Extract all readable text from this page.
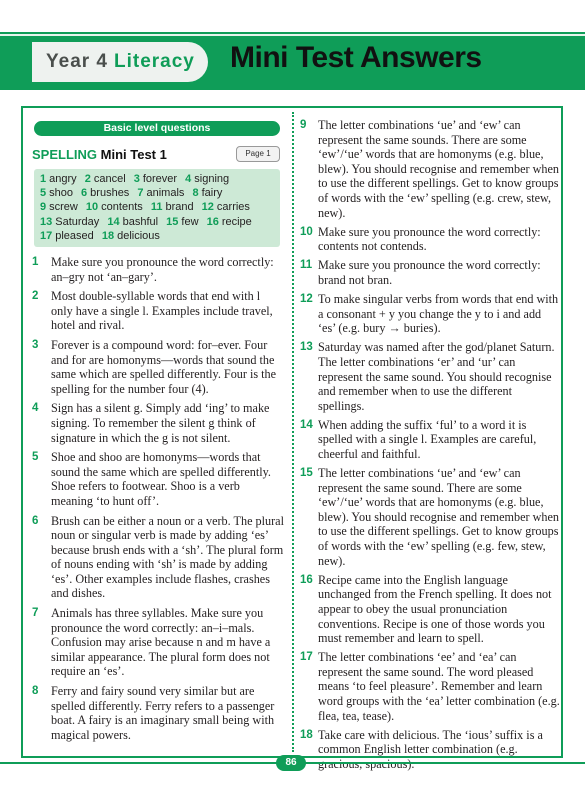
Year 4 Literacy Mini Test Answers
Basic level questions
SPELLING Mini Test 1	Page 1
1 angry 2 cancel 3 forever 4 signing
5 shoo 6 brushes 7 animals 8 fairy
9 screw 10 contents 11 brand 12 carries
13 Saturday 14 bashful 15 few 16 recipe
17 pleased 18 delicious
1 Make sure you pronounce the word correctly: an–gry not ‘an–gary’.
2 Most double-syllable words that end with l only have a single l. Examples include travel, hotel and rival.
3 Forever is a compound word: for–ever. Four and for are homonyms—words that sound the same which are spelled differently. Four is the spelling for the number four (4).
4 Sign has a silent g. Simply add ‘ing’ to make signing. To remember the silent g think of signature in which the g is not silent.
5 Shoe and shoo are homonyms—words that sound the same which are spelled differently. Shoe refers to footwear. Shoo is a verb meaning ‘to hunt off’.
6 Brush can be either a noun or a verb. The plural noun or singular verb is made by adding ‘es’ because brush ends with a ‘sh’. The plural form of nouns ending with ‘sh’ is made by adding ‘es’. Other examples include flashes, crashes and dishes.
7 Animals has three syllables. Make sure you pronounce the word correctly: an–i–mals. Confusion may arise because n and m have a similar appearance. The plural form does not require an ‘es’.
8 Ferry and fairy sound very similar but are spelled differently. Ferry refers to a passenger boat. A fairy is an imaginary small being with magical powers.
9 The letter combinations ‘ue’ and ‘ew’ can represent the same sounds. There are some ‘ew’/‘ue’ words that are homonyms (e.g. blue, blew). You should recognise and remember when to use the different spellings. Get to know groups of words with the ‘ew’ spelling (e.g. crew, stew, new).
10 Make sure you pronounce the word correctly: contents not contends.
11 Make sure you pronounce the word correctly: brand not bran.
12 To make singular verbs from words that end with a consonant + y you change the y to i and add ‘es’ (e.g. bury → buries).
13 Saturday was named after the god/planet Saturn. The letter combinations ‘er’ and ‘ur’ can represent the same sound. You should recognise and remember when to use the different spellings.
14 When adding the suffix ‘ful’ to a word it is spelled with a single l. Examples are careful, cheerful and faithful.
15 The letter combinations ‘ue’ and ‘ew’ can represent the same sound. There are some ‘ew’/‘ue’ words that are homonyms (e.g. blue, blew). You should recognise and remember when to use the different spellings. Get to know groups of words with the ‘ew’ spelling (e.g. few, stew, new).
16 Recipe came into the English language unchanged from the French spelling. It does not appear to obey the usual pronunciation conventions. Recipe is one of those words you must remember and learn to spell.
17 The letter combinations ‘ee’ and ‘ea’ can represent the same sound. The word pleased means ‘to feel pleasure’. Remember and learn word groups with the ‘ea’ letter combination (e.g. flea, tea, tease).
18 Take care with delicious. The ‘ious’ suffix is a common English letter combination (e.g.
86
